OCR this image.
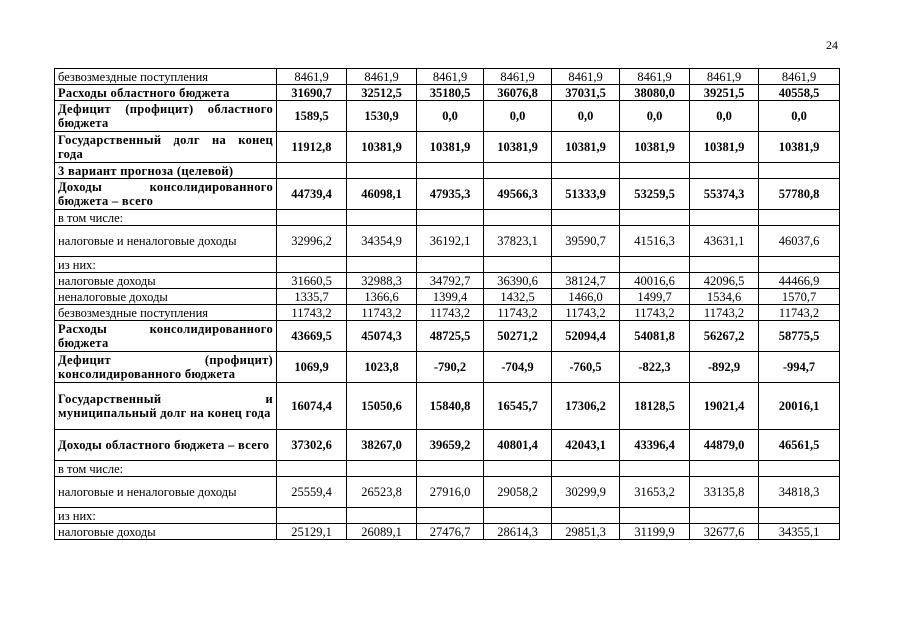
24
безвозмездные поступления	8461,9	8461,9	8461,9	8461,9	8461,9	8461,9	8461,9	8461,9
Расходы областного бюджета	31690,7	32512,5	35180,5	36076,8	37031,5	38080,0	39251,5	40558,5
Дефицит (профицит) областного бюджета	1589,5	1530,9	0,0	0,0	0,0	0,0	0,0	0,0
Государственный долг на конец года	11912,8	10381,9	10381,9	10381,9	10381,9	10381,9	10381,9	10381,9
3 вариант прогноза (целевой)								
Доходы консолидированного бюджета – всего	44739,4	46098,1	47935,3	49566,3	51333,9	53259,5	55374,3	57780,8
в том числе:								
налоговые и неналоговые доходы	32996,2	34354,9	36192,1	37823,1	39590,7	41516,3	43631,1	46037,6
из них:								
налоговые доходы	31660,5	32988,3	34792,7	36390,6	38124,7	40016,6	42096,5	44466,9
неналоговые доходы	1335,7	1366,6	1399,4	1432,5	1466,0	1499,7	1534,6	1570,7
безвозмездные поступления	11743,2	11743,2	11743,2	11743,2	11743,2	11743,2	11743,2	11743,2
Расходы консолидированного бюджета	43669,5	45074,3	48725,5	50271,2	52094,4	54081,8	56267,2	58775,5
Дефицит (профицит) консолидированного бюджета	1069,9	1023,8	-790,2	-704,9	-760,5	-822,3	-892,9	-994,7
Государственный и муниципальный долг на конец года	16074,4	15050,6	15840,8	16545,7	17306,2	18128,5	19021,4	20016,1
Доходы областного бюджета – всего	37302,6	38267,0	39659,2	40801,4	42043,1	43396,4	44879,0	46561,5
в том числе:								
налоговые и неналоговые доходы	25559,4	26523,8	27916,0	29058,2	30299,9	31653,2	33135,8	34818,3
из них:								
налоговые доходы	25129,1	26089,1	27476,7	28614,3	29851,3	31199,9	32677,6	34355,1
